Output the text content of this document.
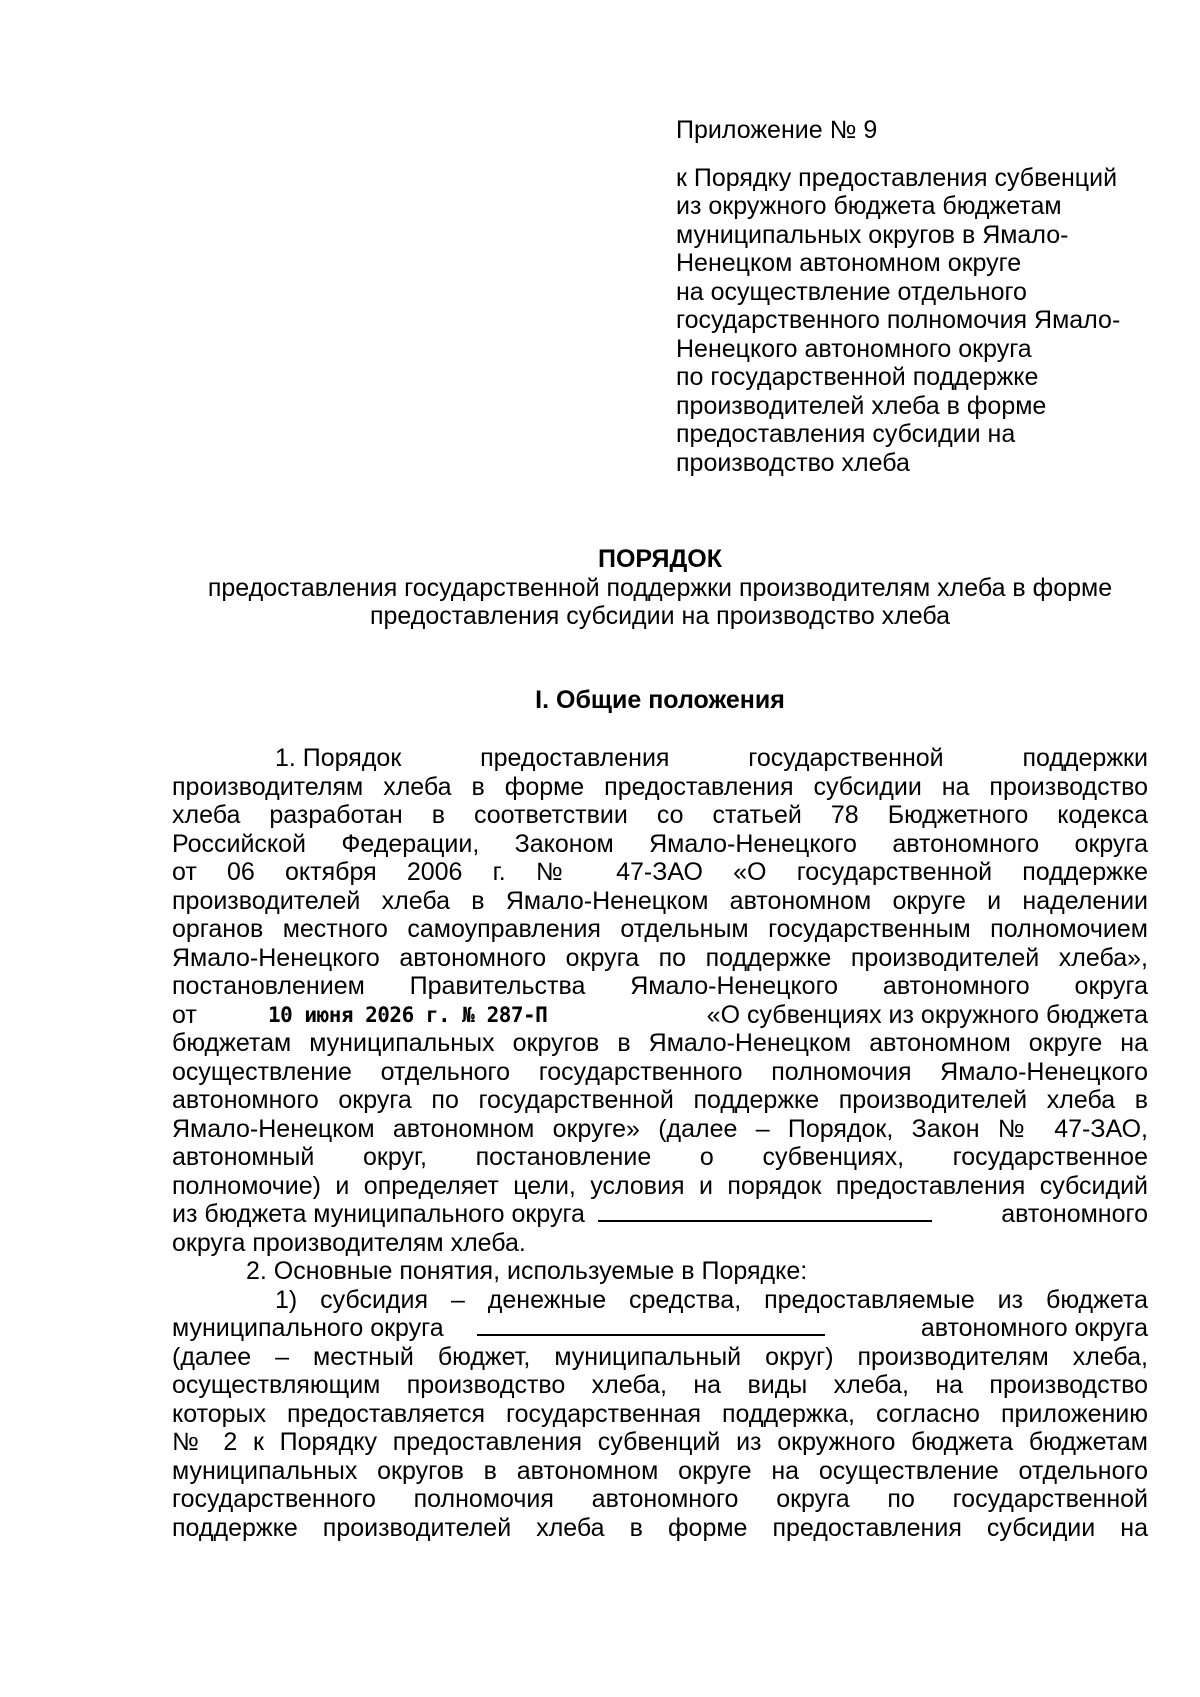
Приложение № 9
к Порядку предоставления субвенций
из окружного бюджета бюджетам
муниципальных округов в Ямало-
Ненецком автономном округе
на осуществление отдельного
государственного полномочия Ямало-
Ненецкого автономного округа
по государственной поддержке
производителей хлеба в форме
предоставления субсидии на
производство хлеба
ПОРЯДОК
предоставления государственной поддержки производителям хлеба в форме
предоставления субсидии на производство хлеба
I. Общие положения
1. Порядок	предоставления	государственной	поддержки
производителям хлеба в форме предоставления субсидии на производство
хлеба разработан в соответствии со статьей 78 Бюджетного кодекса
Российской Федерации, Законом Ямало-Ненецкого автономного округа
от 06 октября 2006 г. № 47-ЗАО «О государственной поддержке
производителей хлеба в Ямало-Ненецком автономном округе и наделении
органов местного самоуправления отдельным государственным полномочием
Ямало-Ненецкого автономного округа по поддержке производителей хлеба»,
постановлением Правительства Ямало-Ненецкого автономного округа
от	10 июня 2026 г. № 287-П	«О субвенциях из окружного бюджета
бюджетам муниципальных округов в Ямало-Ненецком автономном округе на
осуществление отдельного государственного полномочия Ямало-Ненецкого
автономного округа по государственной поддержке производителей хлеба в
Ямало-Ненецком автономном округе» (далее – Порядок, Закон № 47-ЗАО,
автономный округ, постановление о субвенциях, государственное
полномочие) и определяет цели, условия и порядок предоставления субсидий
из бюджета муниципального округа	автономного
округа производителям хлеба.
2. Основные понятия, используемые в Порядке:
1) субсидия – денежные средства, предоставляемые из бюджета
муниципального округа	автономного округа
(далее – местный бюджет, муниципальный округ) производителям хлеба,
осуществляющим производство хлеба, на виды хлеба, на производство
которых предоставляется государственная поддержка, согласно приложению
№ 2 к Порядку предоставления субвенций из окружного бюджета бюджетам
муниципальных округов в автономном округе на осуществление отдельного
государственного полномочия автономного округа по государственной
поддержке производителей хлеба в форме предоставления субсидии на
